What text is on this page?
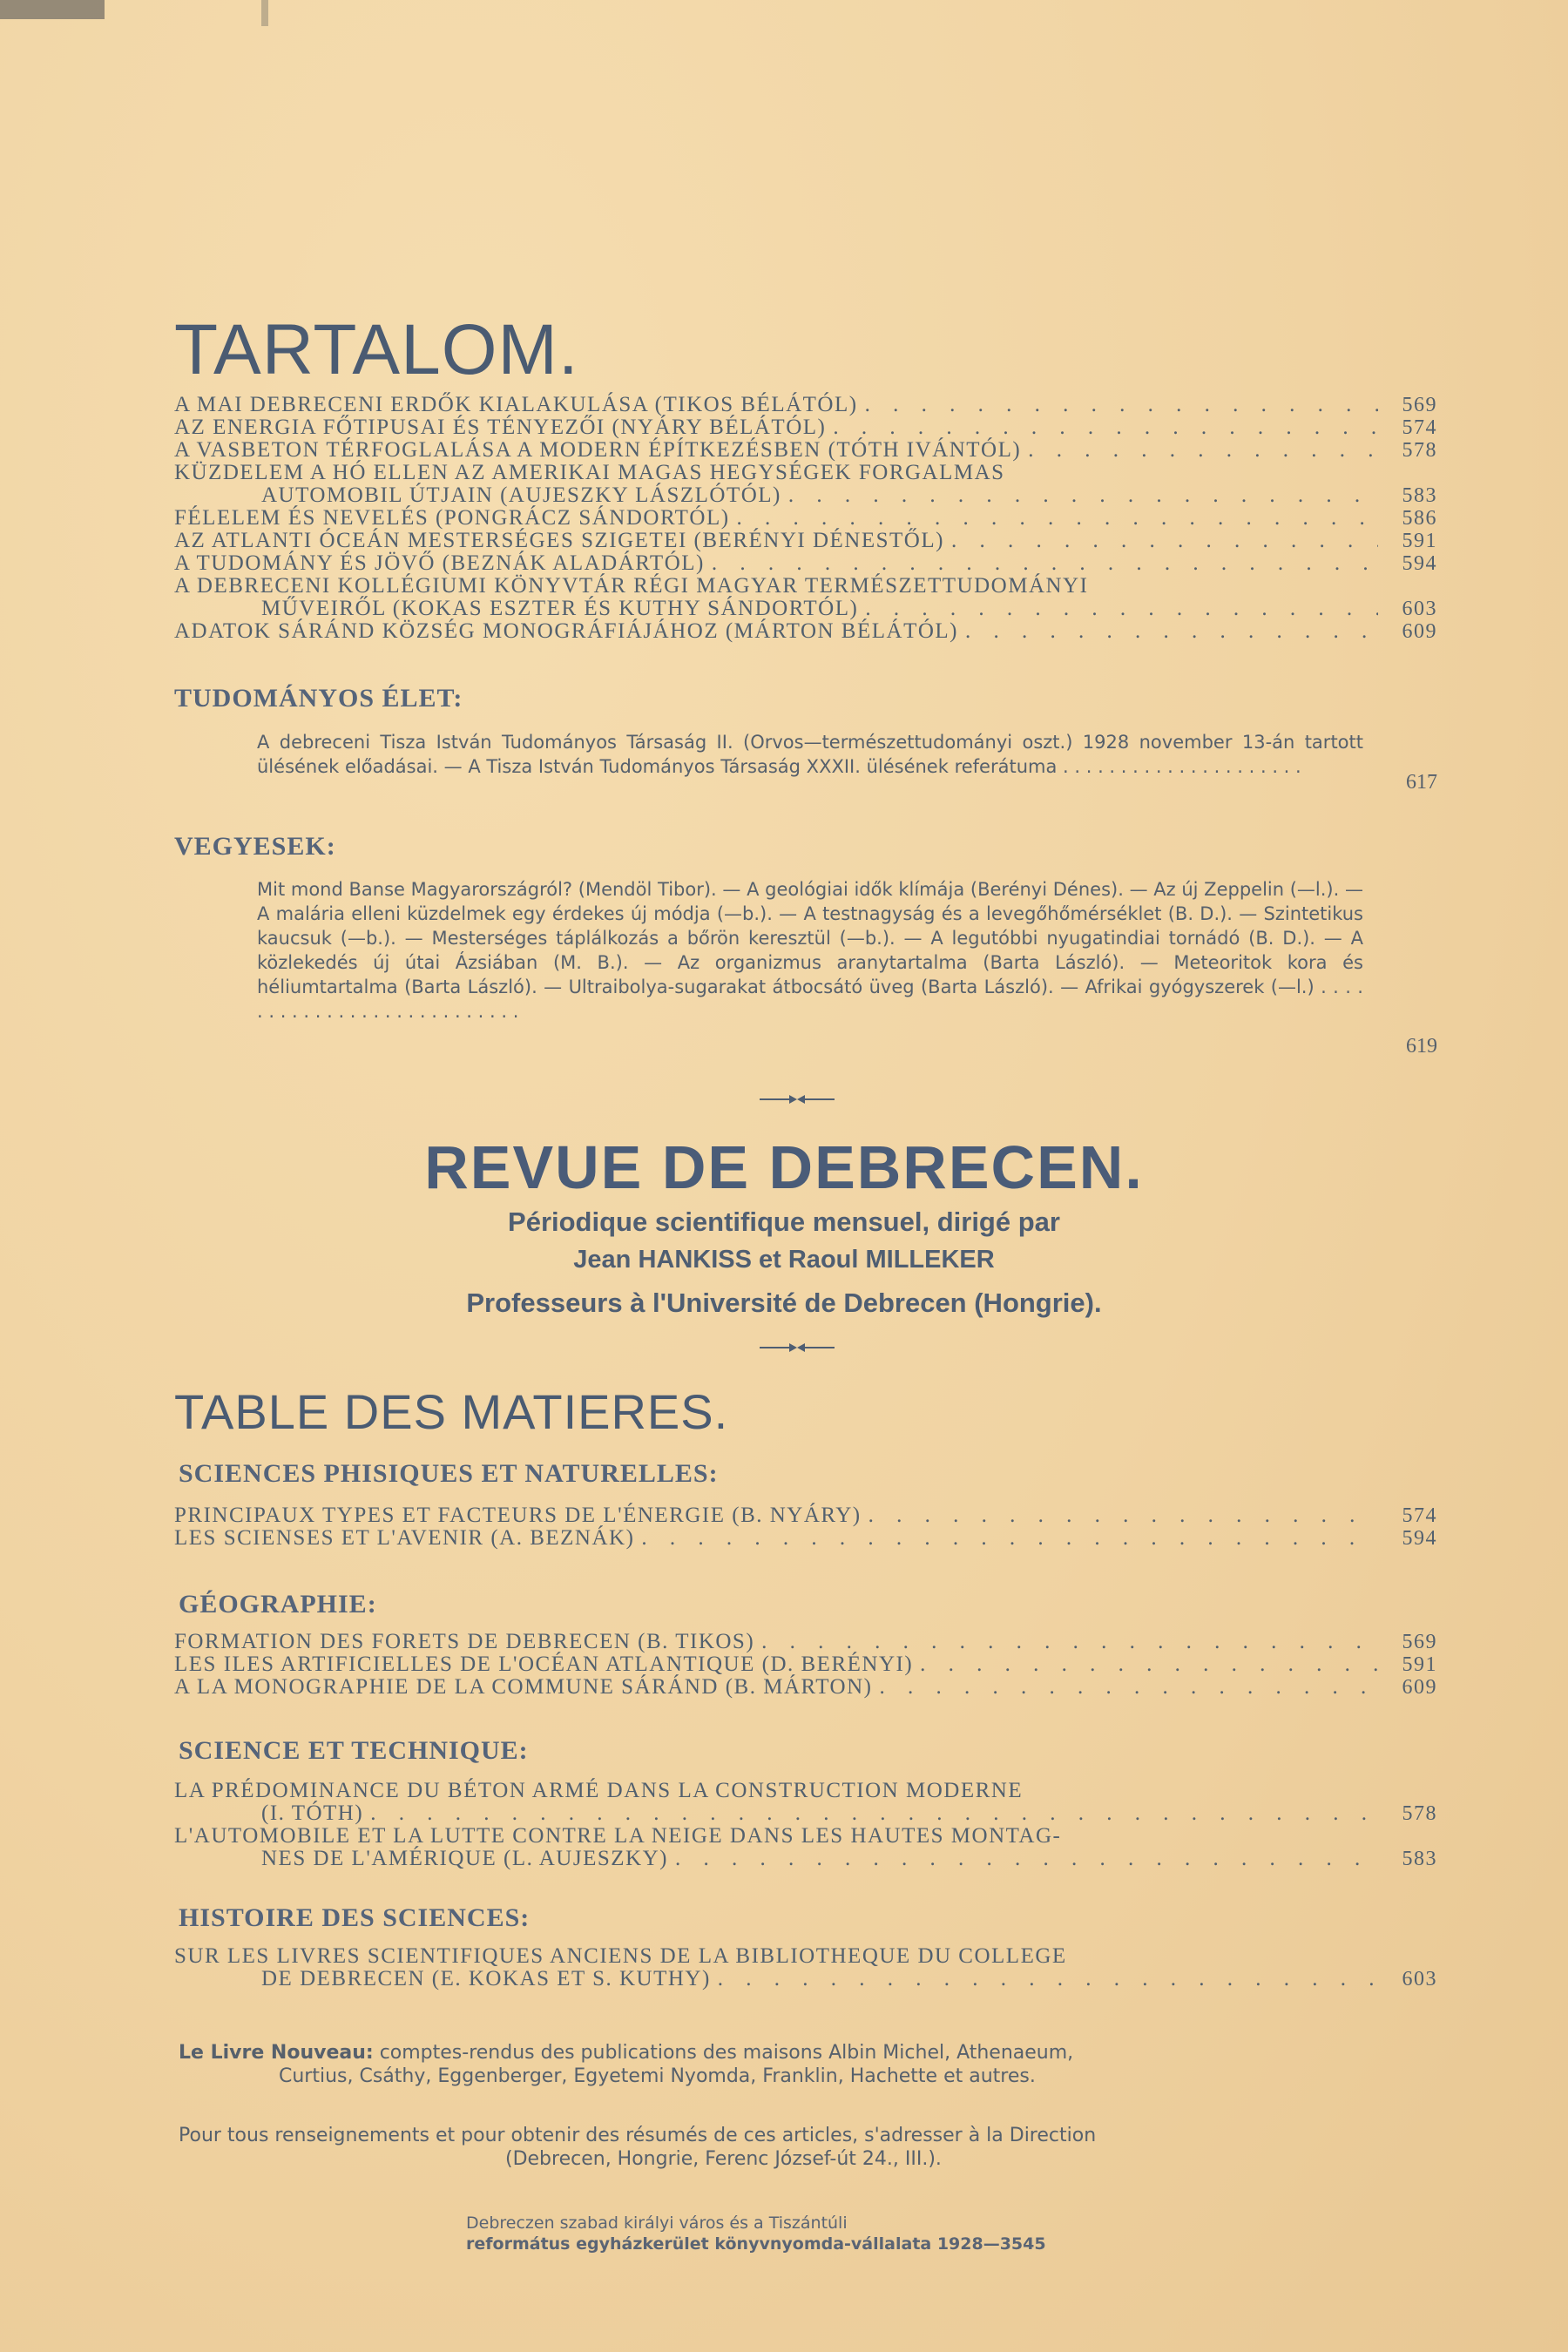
TARTALOM.
A MAI DEBRECENI ERDŐK KIALAKULÁSA (TIKOS BÉLÁTÓL) . . .	569
AZ ENERGIA FŐTIPUSAI ÉS TÉNYEZŐI (NYÁRY BÉLÁTÓL) . . .	574
A VASBETON TÉRFOGLALÁSA A MODERN ÉPÍTKEZÉSBEN (TÓTH IVÁNTÓL) . . .	578
KÜZDELEM A HÓ ELLEN AZ AMERIKAI MAGAS HEGYSÉGEK FORGALMAS
AUTOMOBIL ÚTJAIN (AUJESZKY LÁSZLÓTÓL) . . .	583
FÉLELEM ÉS NEVELÉS (PONGRÁCZ SÁNDORTÓL) . . .	586
AZ ATLANTI ÓCEÁN MESTERSÉGES SZIGETEI (BERÉNYI DÉNESTŐL) . . .	591
A TUDOMÁNY ÉS JÖVŐ (BEZNÁK ALADÁRTÓL) . . .	594
A DEBRECENI KOLLÉGIUMI KÖNYVTÁR RÉGI MAGYAR TERMÉSZETTUDOMÁNYI
MŰVEIRŐL (KOKAS ESZTER ÉS KUTHY SÁNDORTÓL) . . .	603
ADATOK SÁRÁND KÖZSÉG MONOGRÁFIÁJÁHOZ (MÁRTON BÉLÁTÓL) . . .	609
TUDOMÁNYOS ÉLET:

A debreceni Tisza István Tudományos Társaság II. (Orvos—természettudományi oszt.) 1928 november 13-án tartott ülésének előadásai. — A Tisza István Tudományos Társaság XXXII. ülésének referátuma . . . . . . . . . . . . . . . . . . . . .

617
VEGYESEK:

Mit mond Banse Magyarországról? (Mendöl Tibor). — A geológiai idők klímája (Berényi Dénes). — Az új Zeppelin (—l.). — A malária elleni küzdelmek egy érdekes új módja (—b.). — A testnagyság és a levegőhőmérséklet (B. D.). — Szintetikus kaucsuk (—b.). — Mesterséges táplálkozás a bőrön keresztül (—b.). — A legutóbbi nyugatindiai tornádó (B. D.). — A közlekedés új útai Ázsiában (M. B.). — Az organizmus aranytartalma (Barta László). — Meteoritok kora és héliumtartalma (Barta László). — Ultraibolya-sugarakat átbocsátó üveg (Barta László). — Afrikai gyógyszerek (—l.) . . . . . . . . . . . . . . . . . . . . . . . . . . .

619
REVUE DE DEBRECEN.

Périodique scientifique mensuel, dirigé par

Jean HANKISS et Raoul MILLEKER

Professeurs à l'Université de Debrecen (Hongrie).

TABLE DES MATIERES.
SCIENCES PHISIQUES ET NATURELLES:
PRINCIPAUX TYPES ET FACTEURS DE L'ÉNERGIE (B. NYÁRY) . . .	574
LES SCIENSES ET L'AVENIR (A. BEZNÁK) . . .	594
GÉOGRAPHIE:
FORMATION DES FORETS DE DEBRECEN (B. TIKOS) . . .	569
LES ILES ARTIFICIELLES DE L'OCÉAN ATLANTIQUE (D. BERÉNYI) . . .	591
A LA MONOGRAPHIE DE LA COMMUNE SÁRÁND (B. MÁRTON) . . .	609
SCIENCE ET TECHNIQUE:
LA PRÉDOMINANCE DU BÉTON ARMÉ DANS LA CONSTRUCTION MODERNE
(I. TÓTH) . . .	578
L'AUTOMOBILE ET LA LUTTE CONTRE LA NEIGE DANS LES HAUTES MONTAG-
NES DE L'AMÉRIQUE (L. AUJESZKY) . . .	583
HISTOIRE DES SCIENCES:
SUR LES LIVRES SCIENTIFIQUES ANCIENS DE LA BIBLIOTHEQUE DU COLLEGE
DE DEBRECEN (E. KOKAS ET S. KUTHY) . . .	603

Le Livre Nouveau: comptes-rendus des publications des maisons Albin Michel, Athenaeum,
Curtius, Csáthy, Eggenberger, Egyetemi Nyomda, Franklin, Hachette et autres.

Pour tous renseignements et pour obtenir des résumés de ces articles, s'adresser à la Direction
(Debrecen, Hongrie, Ferenc József-út 24., III.).

Debreczen szabad királyi város és a Tiszántúli
református egyházkerület könyvnyomda-vállalata 1928—3545
